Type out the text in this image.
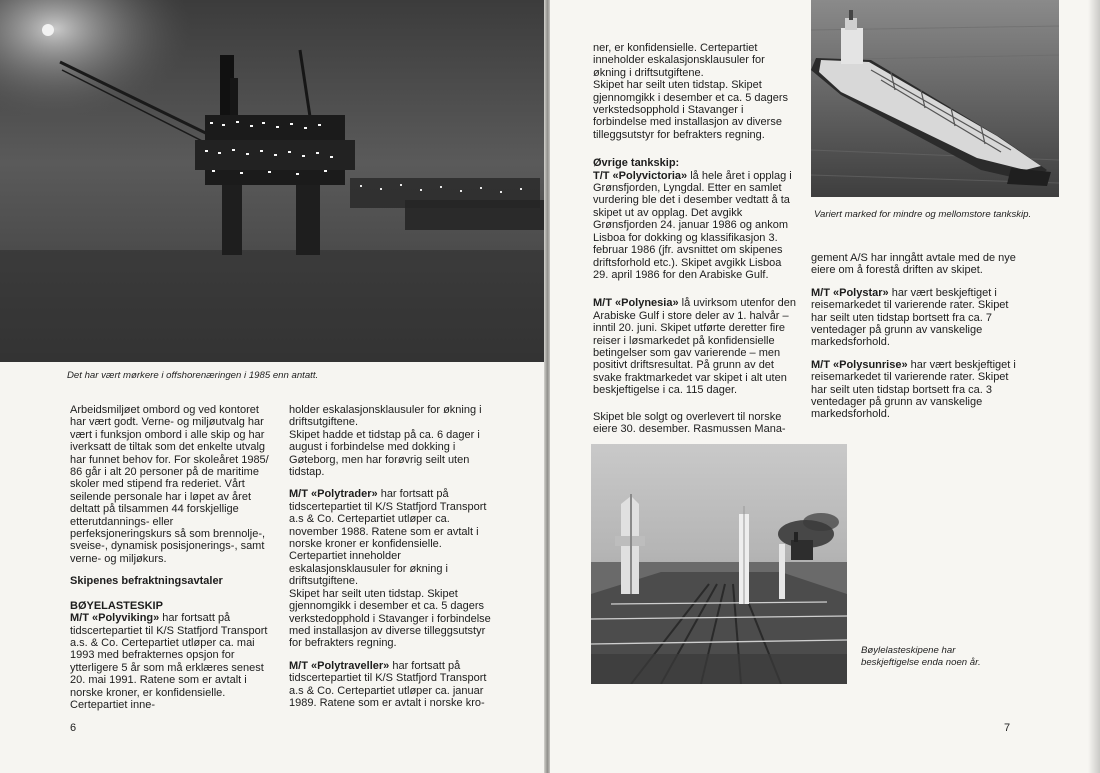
Det har vært mørkere i offshorenæringen i 1985 enn antatt.

Arbeidsmiljøet ombord og ved kontoret har vært godt. Verne- og miljøutvalg har vært i funksjon ombord i alle skip og har iverksatt de tiltak som det enkelte utvalg har funnet behov for. For skoleåret 1985/ 86 går i alt 20 personer på de maritime skoler med stipend fra rederiet. Vårt seilende personale har i løpet av året deltatt på tilsammen 44 forskjellige etterutdannings- eller perfeksjoneringskurs så som brennolje-, sveise-, dynamisk posisjonerings-, samt verne- og miljøkurs.

Skipenes befraktningsavtaler

BØYELASTESKIP

M/T «Polyviking» har fortsatt på tidscertepartiet til K/S Statfjord Transport a.s. & Co. Certepartiet utløper ca. mai 1993 med befrakternes opsjon for ytterligere 5 år som må erklæres senest 20. mai 1991. Ratene som er avtalt i norske kroner, er konfidensielle. Certepartiet inne-

holder eskalasjonsklausuler for økning i driftsutgiftene.

Skipet hadde et tidstap på ca. 6 dager i august i forbindelse med dokking i Gøteborg, men har forøvrig seilt uten tidstap.

M/T «Polytrader» har fortsatt på tidscertepartiet til K/S Statfjord Transport a.s & Co. Certepartiet utløper ca. november 1988. Ratene som er avtalt i norske kroner er konfidensielle. Certepartiet inneholder eskalasjonsklausuler for økning i driftsutgiftene.

Skipet har seilt uten tidstap. Skipet gjennomgikk i desember et ca. 5 dagers verkstedopphold i Stavanger i forbindelse med installasjon av diverse tilleggsutstyr for befrakters regning.

M/T «Polytraveller» har fortsatt på tidscertepartiet til K/S Statfjord Transport a.s & Co. Certepartiet utløper ca. januar 1989. Ratene som er avtalt i norske kro-

6

ner, er konfidensielle. Certepartiet inneholder eskalasjonsklausuler for økning i driftsutgiftene.

Skipet har seilt uten tidstap. Skipet gjennomgikk i desember et ca. 5 dagers verkstedsopphold i Stavanger i forbindelse med installasjon av diverse tilleggsutstyr for befrakters regning.

Øvrige tankskip:

T/T «Polyvictoria» lå hele året i opplag i Grønsfjorden, Lyngdal. Etter en samlet vurdering ble det i desember vedtatt å ta skipet ut av opplag. Det avgikk Grønsfjorden 24. januar 1986 og ankom Lisboa for dokking og klassifikasjon 3. februar 1986 (jfr. avsnittet om skipenes driftsforhold etc.). Skipet avgikk Lisboa 29. april 1986 for den Arabiske Gulf.

M/T «Polynesia» lå uvirksom utenfor den Arabiske Gulf i store deler av 1. halvår – inntil 20. juni. Skipet utførte deretter fire reiser i løsmarkedet på konfidensielle betingelser som gav varierende – men positivt driftsresultat. På grunn av det svake fraktmarkedet var skipet i alt uten beskjeftigelse i ca. 115 dager.

Skipet ble solgt og overlevert til norske eiere 30. desember. Rasmussen Mana-

Variert marked for mindre og mellomstore tankskip.

gement A/S har inngått avtale med de nye eiere om å forestå driften av skipet.

M/T «Polystar» har vært beskjeftiget i reisemarkedet til varierende rater. Skipet har seilt uten tidstap bortsett fra ca. 7 ventedager på grunn av vanskelige markedsforhold.

M/T «Polysunrise» har vært beskjeftiget i reisemarkedet til varierende rater. Skipet har seilt uten tidstap bortsett fra ca. 3 ventedager på grunn av vanskelige markedsforhold.

Bøylelasteskipene har beskjeftigelse enda noen år.
7
